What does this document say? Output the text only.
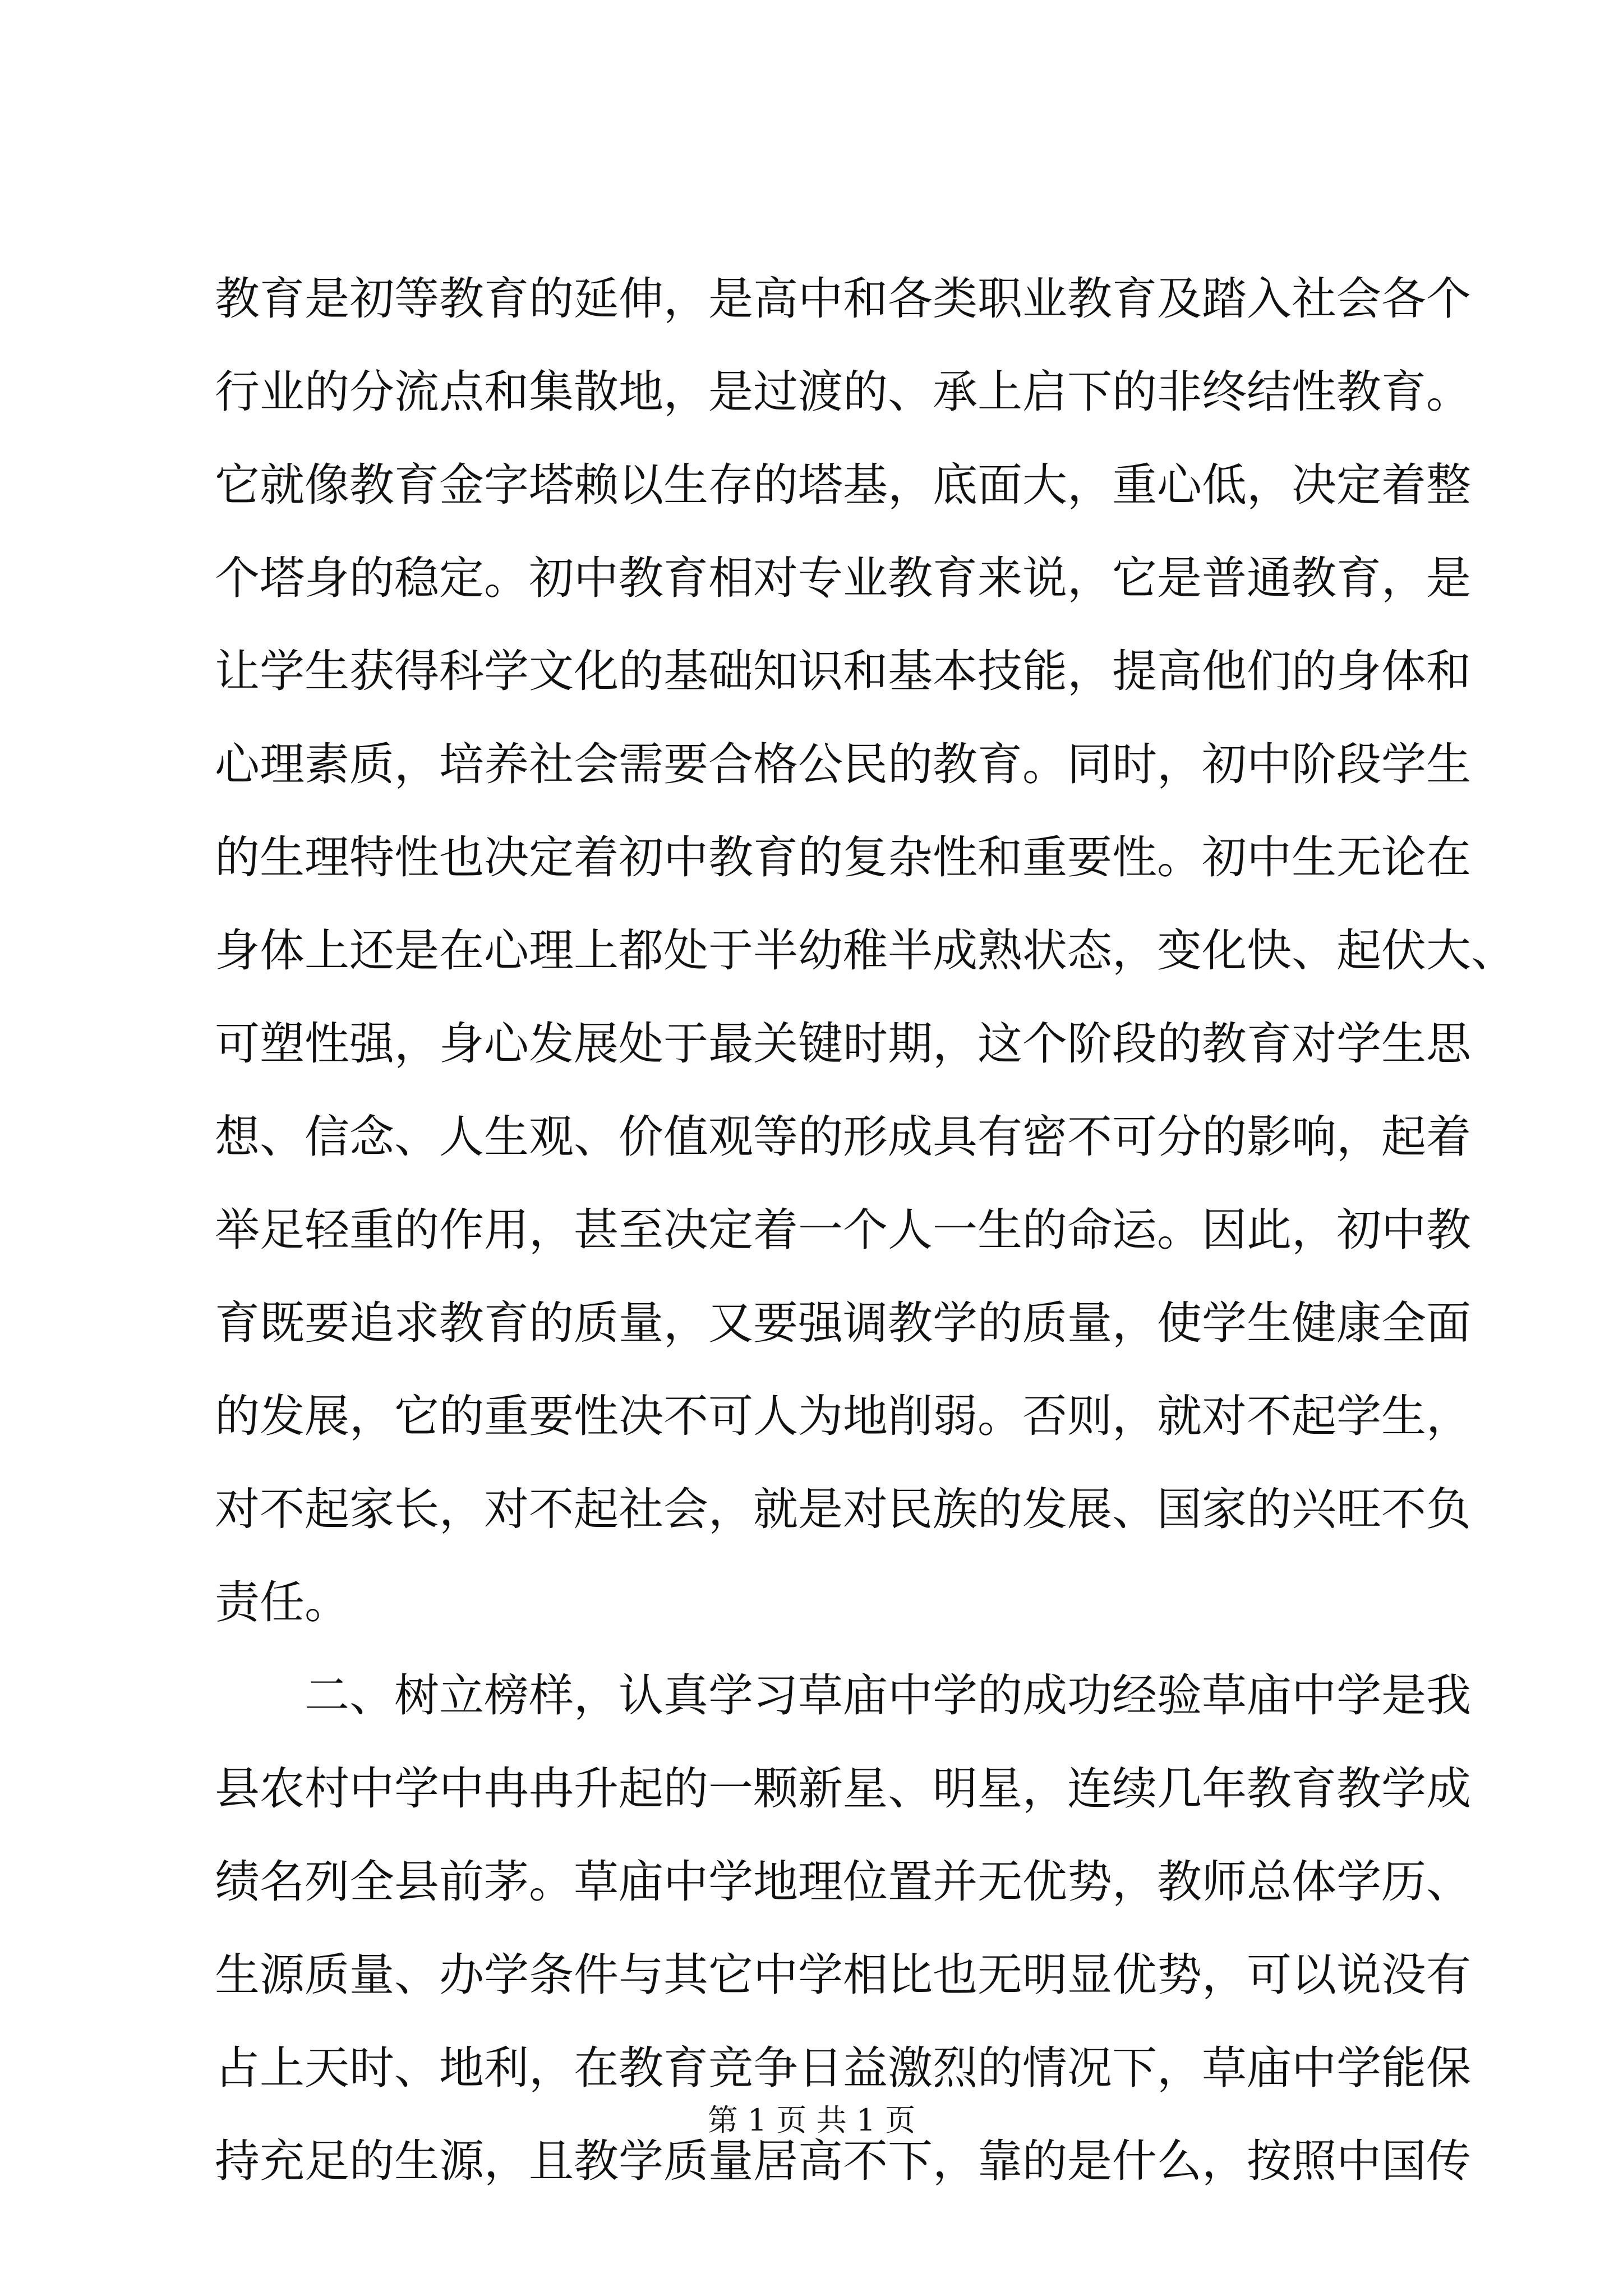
教育是初等教育的延伸，是高中和各类职业教育及踏入社会各个
行业的分流点和集散地，是过渡的、承上启下的非终结性教育。
它就像教育金字塔赖以生存的塔基，底面大，重心低，决定着整
个塔身的稳定。初中教育相对专业教育来说，它是普通教育，是
让学生获得科学文化的基础知识和基本技能，提高他们的身体和
心理素质，培养社会需要合格公民的教育。同时，初中阶段学生
的生理特性也决定着初中教育的复杂性和重要性。初中生无论在
身体上还是在心理上都处于半幼稚半成熟状态，变化快、起伏大、
可塑性强，身心发展处于最关键时期，这个阶段的教育对学生思
想、信念、人生观、价值观等的形成具有密不可分的影响，起着
举足轻重的作用，甚至决定着一个人一生的命运。因此，初中教
育既要追求教育的质量，又要强调教学的质量，使学生健康全面
的发展，它的重要性决不可人为地削弱。否则，就对不起学生，
对不起家长，对不起社会，就是对民族的发展、国家的兴旺不负
责任。
二、树立榜样，认真学习草庙中学的成功经验草庙中学是我
县农村中学中冉冉升起的一颗新星、明星，连续几年教育教学成
绩名列全县前茅。草庙中学地理位置并无优势，教师总体学历、
生源质量、办学条件与其它中学相比也无明显优势，可以说没有
占上天时、地利，在教育竞争日益激烈的情况下，草庙中学能保
持充足的生源，且教学质量居高不下，靠的是什么，按照中国传
第 1 页 共 1 页
